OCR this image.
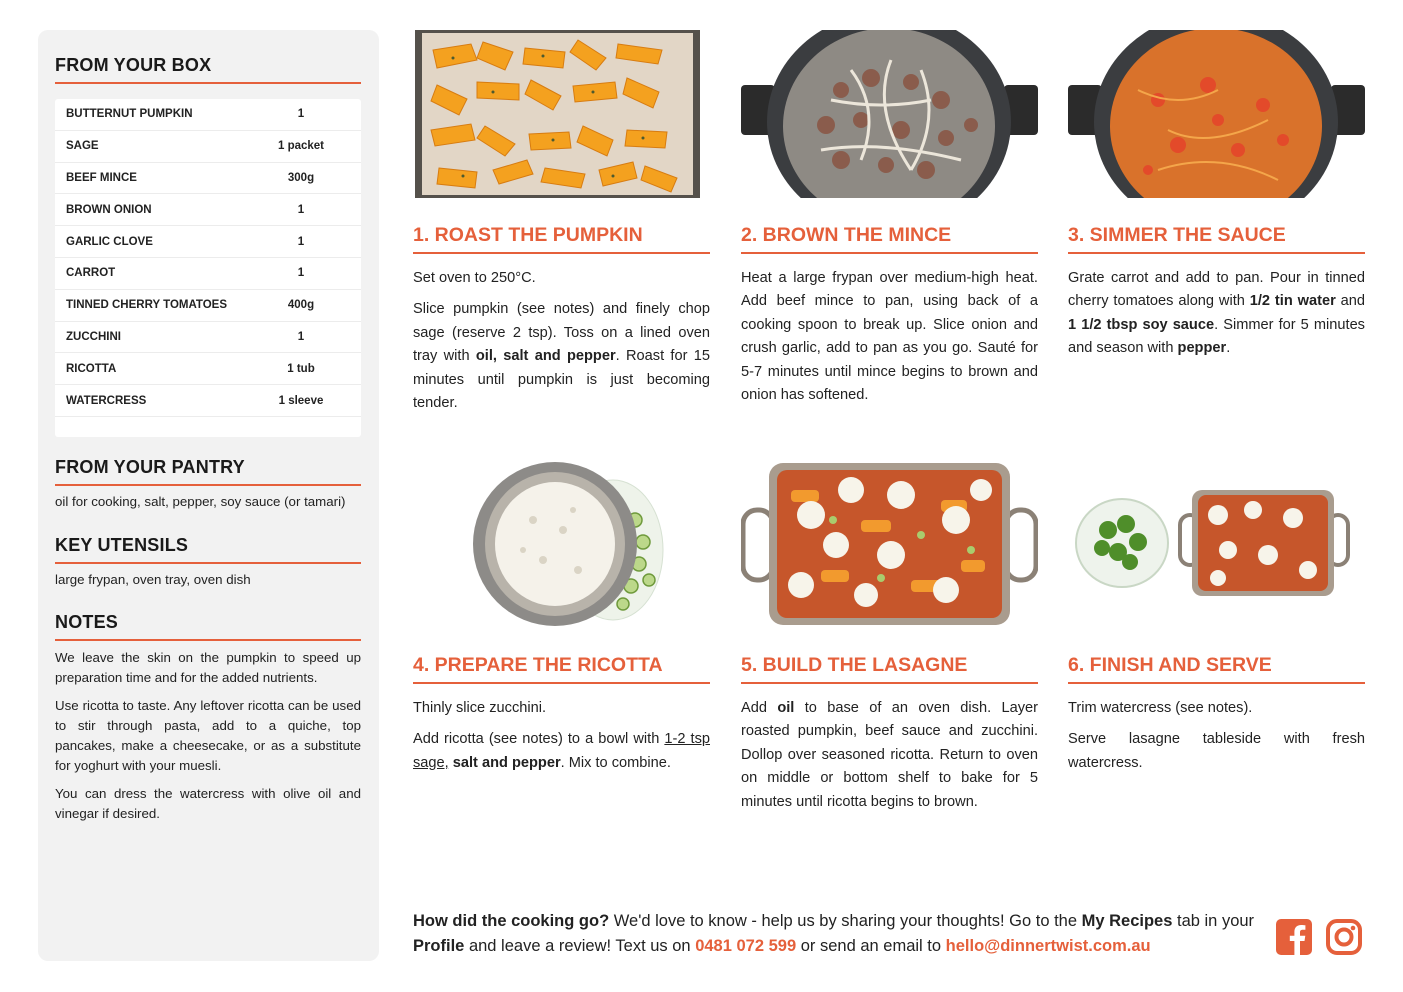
FROM YOUR BOX
BUTTERNUT PUMPKIN	1
SAGE	1 packet
BEEF MINCE	300g
BROWN ONION	1
GARLIC CLOVE	1
CARROT	1
TINNED CHERRY TOMATOES	400g
ZUCCHINI	1
RICOTTA	1 tub
WATERCRESS	1 sleeve
FROM YOUR PANTRY
oil for cooking, salt, pepper, soy sauce (or tamari)
KEY UTENSILS
large frypan, oven tray, oven dish
NOTES

We leave the skin on the pumpkin to speed up preparation time and for the added nutrients.

Use ricotta to taste. Any leftover ricotta can be used to stir through pasta, add to a quiche, top pancakes, make a cheesecake, or as a substitute for yoghurt with your muesli.

You can dress the watercress with olive oil and vinegar if desired.

1. ROAST THE PUMPKIN

Set oven to 250°C.

Slice pumpkin (see notes) and finely chop sage (reserve 2 tsp). Toss on a lined oven tray with oil, salt and pepper. Roast for 15 minutes until pumpkin is just becoming tender.

2. BROWN THE MINCE

Heat a large frypan over medium-high heat. Add beef mince to pan, using back of a cooking spoon to break up. Slice onion and crush garlic, add to pan as you go. Sauté for 5-7 minutes until mince begins to brown and onion has softened.

3. SIMMER THE SAUCE

Grate carrot and add to pan. Pour in tinned cherry tomatoes along with 1/2 tin water and 1 1/2 tbsp soy sauce. Simmer for 5 minutes and season with pepper.

4. PREPARE THE RICOTTA

Thinly slice zucchini.

Add ricotta (see notes) to a bowl with 1-2 tsp sage, salt and pepper. Mix to combine.

5. BUILD THE LASAGNE

Add oil to base of an oven dish. Layer roasted pumpkin, beef sauce and zucchini. Dollop over seasoned ricotta. Return to oven on middle or bottom shelf to bake for 5 minutes until ricotta begins to brown.

6. FINISH AND SERVE

Trim watercress (see notes).

Serve lasagne tableside with fresh watercress.

How did the cooking go? We'd love to know - help us by sharing your thoughts! Go to the My Recipes tab in your Profile and leave a review! Text us on 0481 072 599 or send an email to hello@dinnertwist.com.au
